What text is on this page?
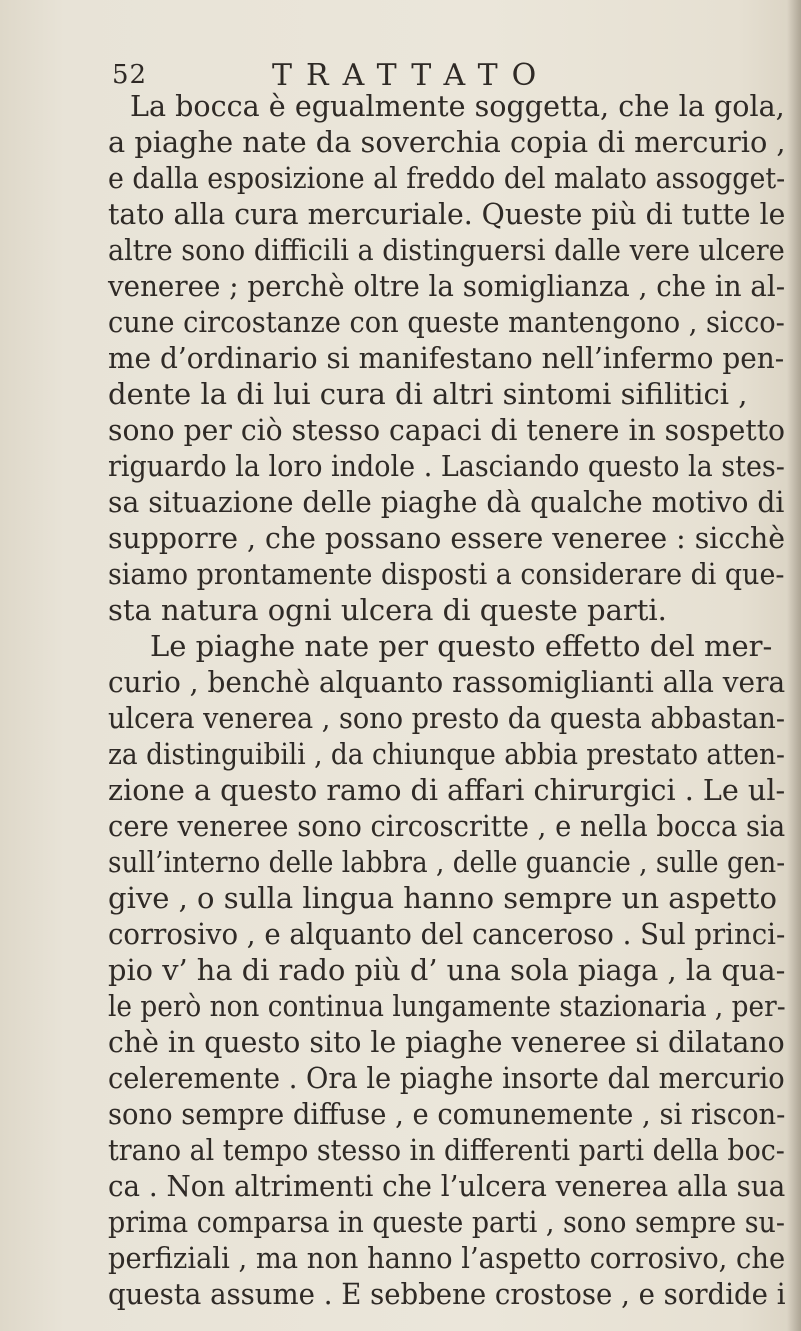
52	TRATTATO
La bocca è egualmente soggetta, che la gola,
a piaghe nate da soverchia copia di mercurio ,
e dalla esposizione al freddo del malato assogget-
tato alla cura mercuriale. Queste più di tutte le
altre sono difficili a distinguersi dalle vere ulcere
veneree ; perchè oltre la somiglianza , che in al-
cune circostanze con queste mantengono , sicco-
me d’ordinario si manifestano nell’infermo pen-
dente la di lui cura di altri sintomi sifilitici ,
sono per ciò stesso capaci di tenere in sospetto
riguardo la loro indole . Lasciando questo la stes-
sa situazione delle piaghe dà qualche motivo di
supporre , che possano essere veneree : sicchè
siamo prontamente disposti a considerare di que-
sta natura ogni ulcera di queste parti.
Le piaghe nate per questo effetto del mer-
curio , benchè alquanto rassomiglianti alla vera
ulcera venerea , sono presto da questa abbastan-
za distinguibili , da chiunque abbia prestato atten-
zione a questo ramo di affari chirurgici . Le ul-
cere veneree sono circoscritte , e nella bocca sia
sull’interno delle labbra , delle guancie , sulle gen-
give , o sulla lingua hanno sempre un aspetto
corrosivo , e alquanto del canceroso . Sul princi-
pio v’ ha di rado più d’ una sola piaga , la qua-
le però non continua lungamente stazionaria , per-
chè in questo sito le piaghe veneree si dilatano
celeremente . Ora le piaghe insorte dal mercurio
sono sempre diffuse , e comunemente , si riscon-
trano al tempo stesso in differenti parti della boc-
ca . Non altrimenti che l’ulcera venerea alla sua
prima comparsa in queste parti , sono sempre su-
perfiziali , ma non hanno l’aspetto corrosivo, che
questa assume . E sebbene crostose , e sordide i
